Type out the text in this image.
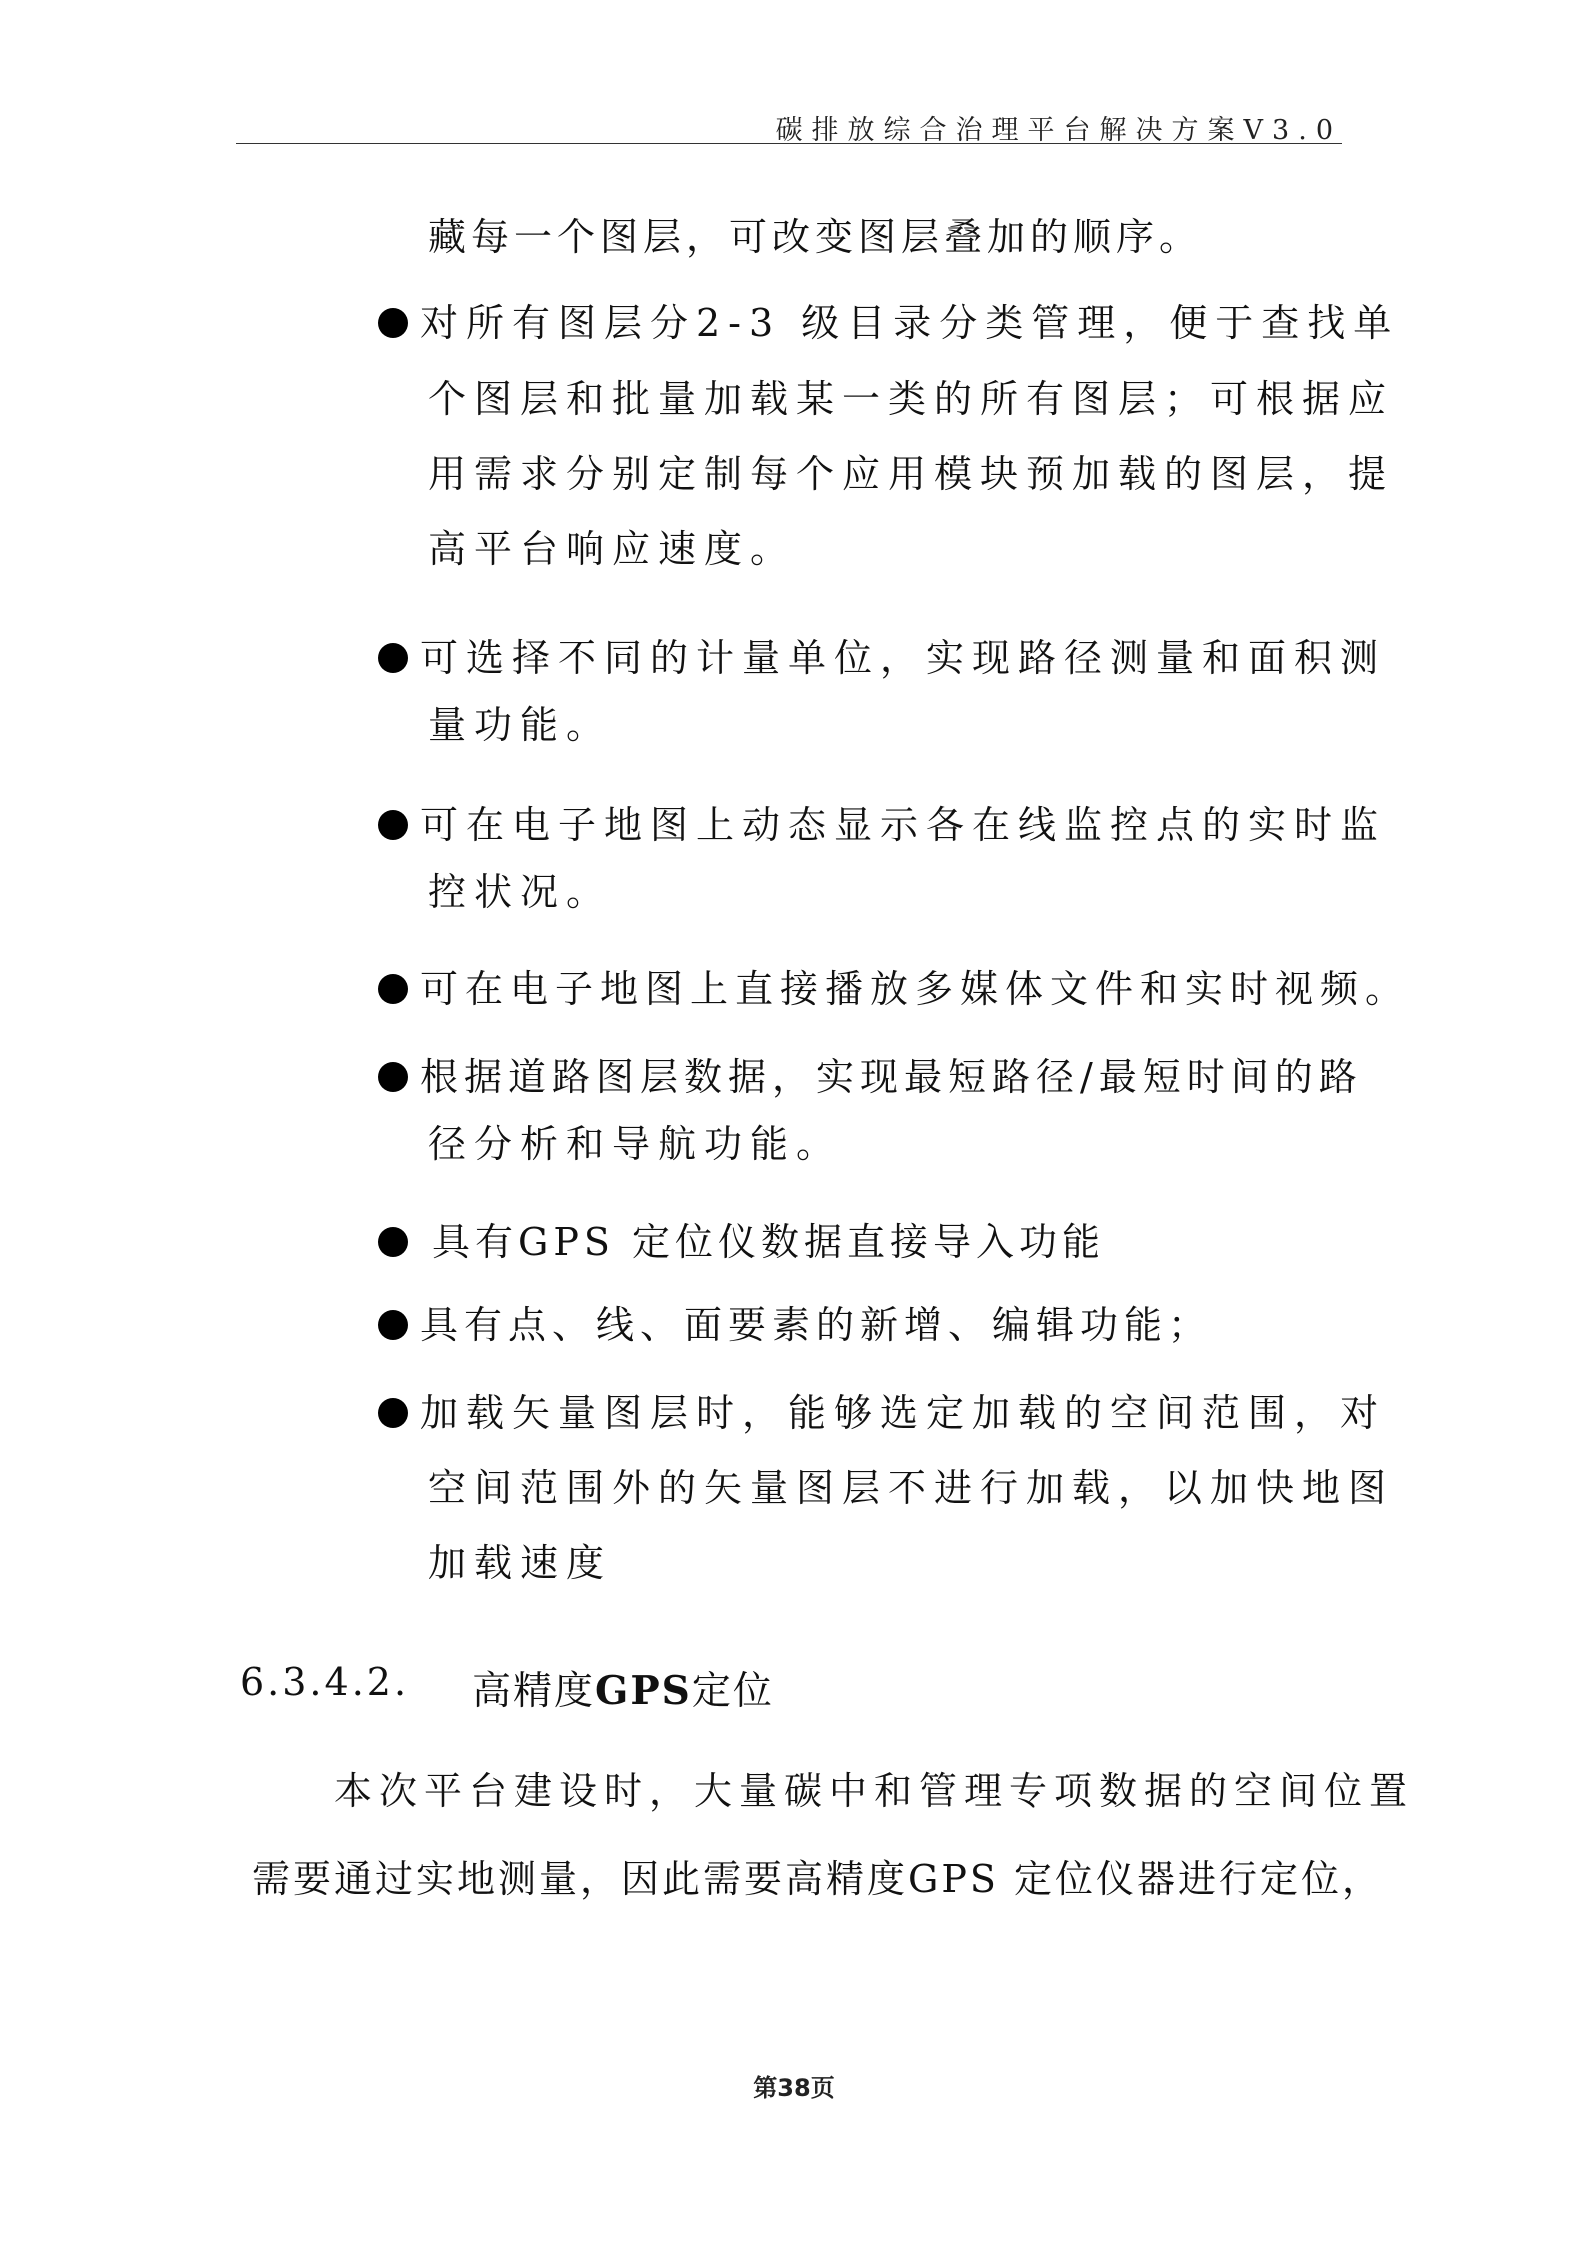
碳排放综合治理平台解决方案V3.0
藏每一个图层，可改变图层叠加的顺序。
对所有图层分2-3 级目录分类管理，便于查找单
个图层和批量加载某一类的所有图层；可根据应
用需求分别定制每个应用模块预加载的图层，提
高平台响应速度。
可选择不同的计量单位，实现路径测量和面积测
量功能。
可在电子地图上动态显示各在线监控点的实时监
控状况。
可在电子地图上直接播放多媒体文件和实时视频。
根据道路图层数据，实现最短路径/最短时间的路
径分析和导航功能。
具有GPS 定位仪数据直接导入功能
具有点、线、面要素的新增、编辑功能；
加载矢量图层时，能够选定加载的空间范围，对
空间范围外的矢量图层不进行加载，以加快地图
加载速度
6.3.4.2. 高精度GPS定位
本次平台建设时，大量碳中和管理专项数据的空间位置
需要通过实地测量，因此需要高精度GPS 定位仪器进行定位，
第38页
